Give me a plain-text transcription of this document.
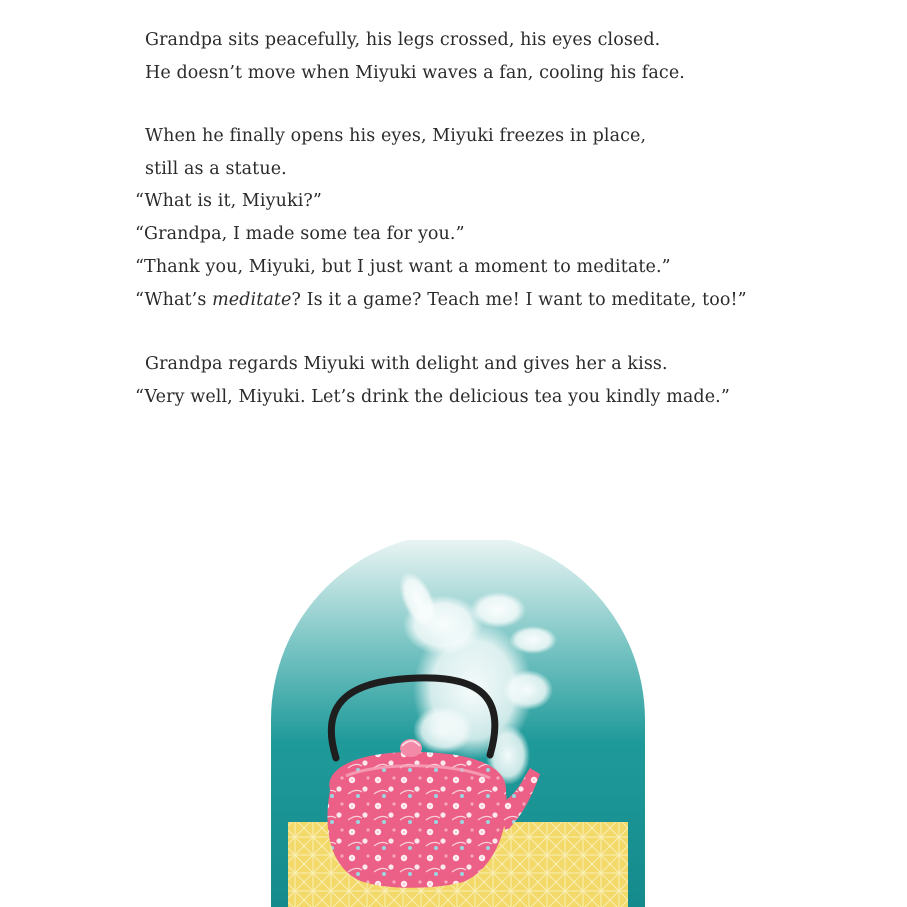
Grandpa sits peacefully, his legs crossed, his eyes closed.
He doesn’t move when Miyuki waves a fan, cooling his face.
When he finally opens his eyes, Miyuki freezes in place,
still as a statue.
“What is it, Miyuki?”
“Grandpa, I made some tea for you.”
“Thank you, Miyuki, but I just want a moment to meditate.”
“What’s meditate? Is it a game? Teach me! I want to meditate, too!”
Grandpa regards Miyuki with delight and gives her a kiss.
“Very well, Miyuki. Let’s drink the delicious tea you kindly made.”
